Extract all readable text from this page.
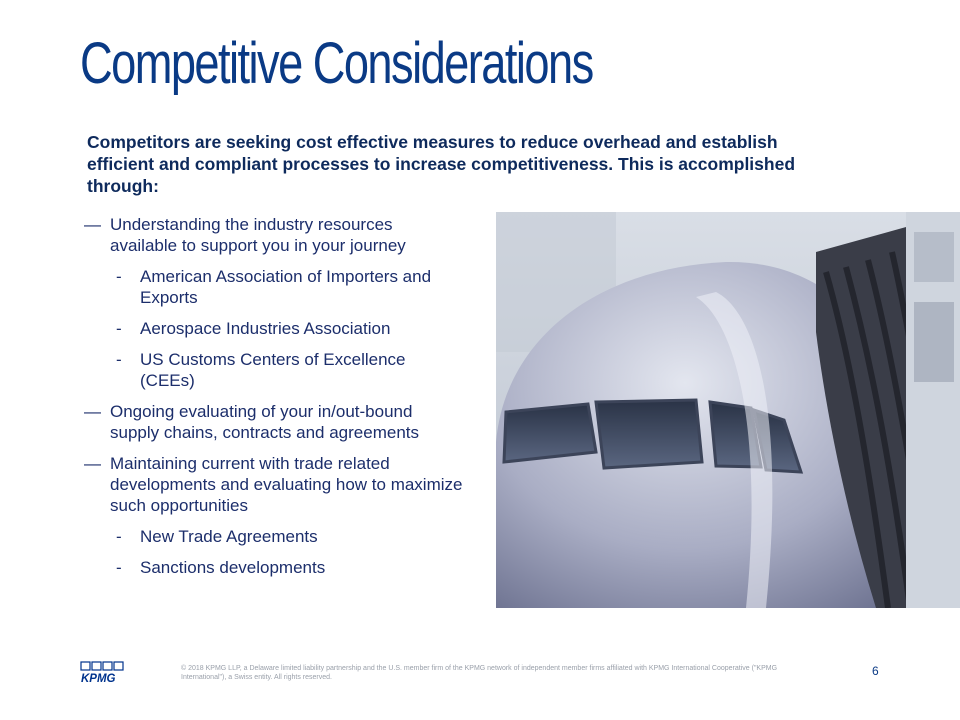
Competitive Considerations
Competitors are seeking cost effective measures to reduce overhead and establish efficient and compliant processes to increase competitiveness. This is accomplished through:
— Understanding the industry resources available to support you in your journey
- American Association of Importers and Exports
- Aerospace Industries Association
- US Customs Centers of Excellence (CEEs)
— Ongoing evaluating of your in/out-bound supply chains, contracts and agreements
— Maintaining current with trade related developments and evaluating how to maximize such opportunities
- New Trade Agreements
- Sanctions developments
KPMG
© 2018 KPMG LLP, a Delaware limited liability partnership and the U.S. member firm of the KPMG network of independent member firms affiliated with KPMG International Cooperative ("KPMG International"), a Swiss entity. All rights reserved.	6
